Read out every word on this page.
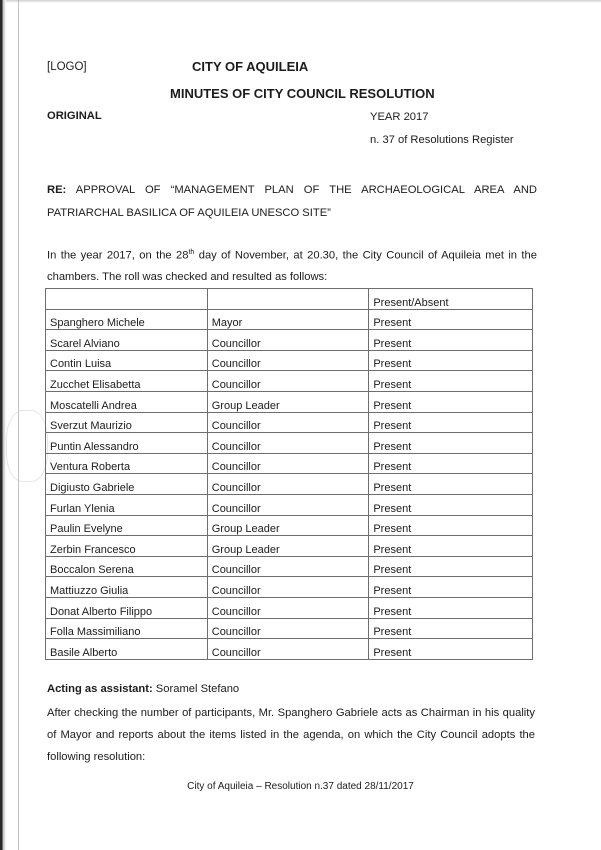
[LOGO]	CITY OF AQUILEIA
MINUTES OF CITY COUNCIL RESOLUTION
ORIGINAL	YEAR 2017
n. 37 of Resolutions Register
RE: APPROVAL OF “MANAGEMENT PLAN OF THE ARCHAEOLOGICAL AREA AND PATRIARCHAL BASILICA OF AQUILEIA UNESCO SITE”
In the year 2017, on the 28th day of November, at 20.30, the City Council of Aquileia met in the chambers. The roll was checked and resulted as follows:
		Present/Absent
Spanghero Michele	Mayor	Present
Scarel Alviano	Councillor	Present
Contin Luisa	Councillor	Present
Zucchet Elisabetta	Councillor	Present
Moscatelli Andrea	Group Leader	Present
Sverzut Maurizio	Councillor	Present
Puntin Alessandro	Councillor	Present
Ventura Roberta	Councillor	Present
Digiusto Gabriele	Councillor	Present
Furlan Ylenia	Councillor	Present
Paulin Evelyne	Group Leader	Present
Zerbin Francesco	Group Leader	Present
Boccalon Serena	Councillor	Present
Mattiuzzo Giulia	Councillor	Present
Donat Alberto Filippo	Councillor	Present
Folla Massimiliano	Councillor	Present
Basile Alberto	Councillor	Present
Acting as assistant: Soramel Stefano
After checking the number of participants, Mr. Spanghero Gabriele acts as Chairman in his quality of Mayor and reports about the items listed in the agenda, on which the City Council adopts the following resolution:
City of Aquileia – Resolution n.37 dated 28/11/2017
